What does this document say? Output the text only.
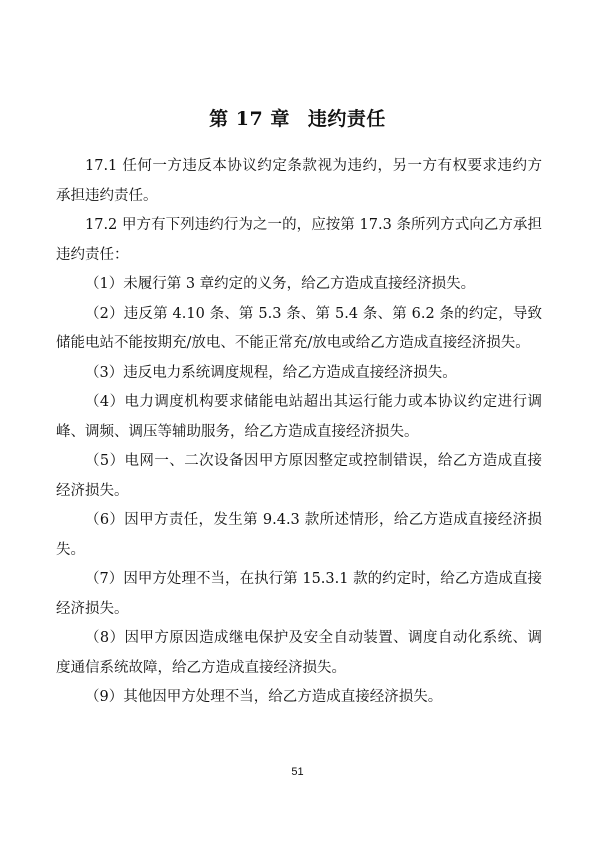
第 17 章 违约责任

17.1 任何一方违反本协议约定条款视为违约，另一方有权要求违约方承担违约责任。

17.2 甲方有下列违约行为之一的，应按第 17.3 条所列方式向乙方承担违约责任：

（1）未履行第 3 章约定的义务，给乙方造成直接经济损失。

（2）违反第 4.10 条、第 5.3 条、第 5.4 条、第 6.2 条的约定，导致储能电站不能按期充/放电、不能正常充/放电或给乙方造成直接经济损失。

（3）违反电力系统调度规程，给乙方造成直接经济损失。

（4）电力调度机构要求储能电站超出其运行能力或本协议约定进行调峰、调频、调压等辅助服务，给乙方造成直接经济损失。

（5）电网一、二次设备因甲方原因整定或控制错误，给乙方造成直接经济损失。

（6）因甲方责任，发生第 9.4.3 款所述情形，给乙方造成直接经济损失。

（7）因甲方处理不当，在执行第 15.3.1 款的约定时，给乙方造成直接经济损失。

（8）因甲方原因造成继电保护及安全自动装置、调度自动化系统、调度通信系统故障，给乙方造成直接经济损失。

（9）其他因甲方处理不当，给乙方造成直接经济损失。

51
